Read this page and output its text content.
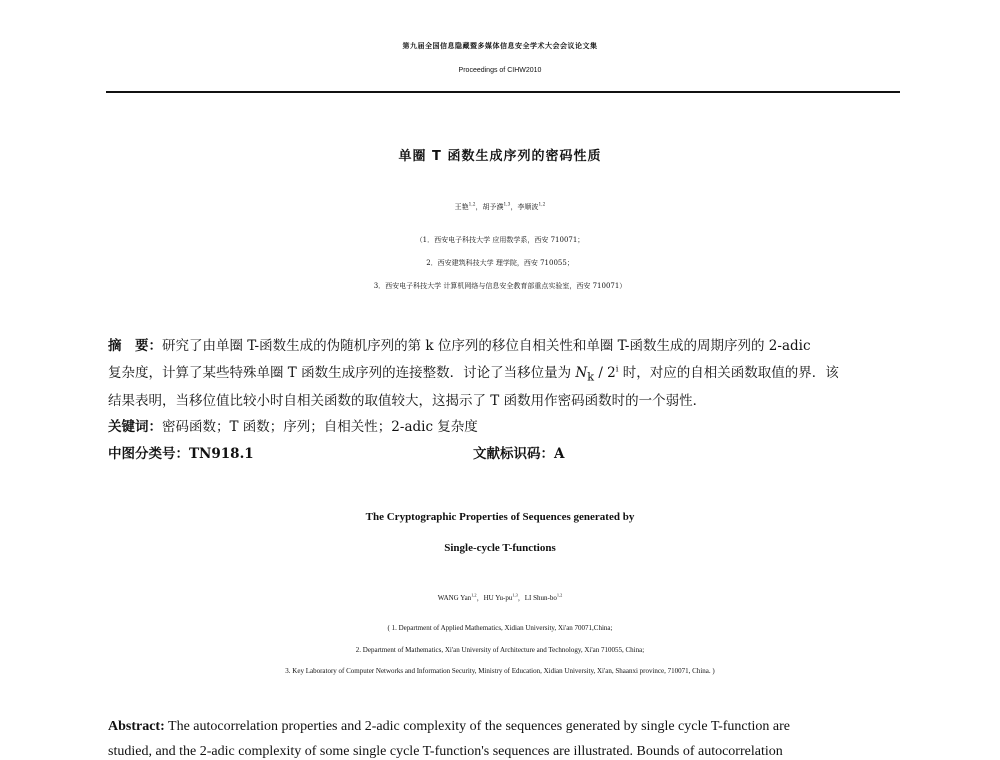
第九届全国信息隐藏暨多媒体信息安全学术大会会议论文集
Proceedings of CIHW2010
单圈 T 函数生成序列的密码性质
王艳$^{1,2}$，胡予濮$^{1,3}$，李顺波$^{1,2}$
（1．西安电子科技大学 应用数学系，西安 710071；
2．西安建筑科技大学 理学院，西安 710055；
3．西安电子科技大学 计算机网络与信息安全教育部重点实验室，西安 710071）
摘　要：研究了由单圈 T-函数生成的伪随机序列的第 k 位序列的移位自相关性和单圈 T-函数生成的周期序列的 2-adic
复杂度，计算了某些特殊单圈 T 函数生成序列的连接整数．讨论了当移位量为 $N_k / 2^i$ 时，对应的自相关函数取值的界．该
结果表明，当移位值比较小时自相关函数的取值较大，这揭示了 T 函数用作密码函数时的一个弱性．
关键词：密码函数；T 函数；序列；自相关性；2-adic 复杂度
中图分类号：TN918.1	文献标识码：A
The Cryptographic Properties of Sequences generated by
Single-cycle T-functions
WANG Yan$^{1,2}$，HU Yu-pu$^{1,3}$，LI Shun-bo$^{1,2}$
( 1. Department of Applied Mathematics, Xidian University, Xi'an 70071,China;
2. Department of Mathematics, Xi'an University of Architecture and Technology, Xi'an 710055, China;
3. Key Laboratory of Computer Networks and Information Security, Ministry of Education, Xidian University, Xi'an, Shaanxi province, 710071, China. )
Abstract: The autocorrelation properties and 2-adic complexity of the sequences generated by single cycle T-function are
studied, and the 2-adic complexity of some single cycle T-function's sequences are illustrated. Bounds of autocorrelation
